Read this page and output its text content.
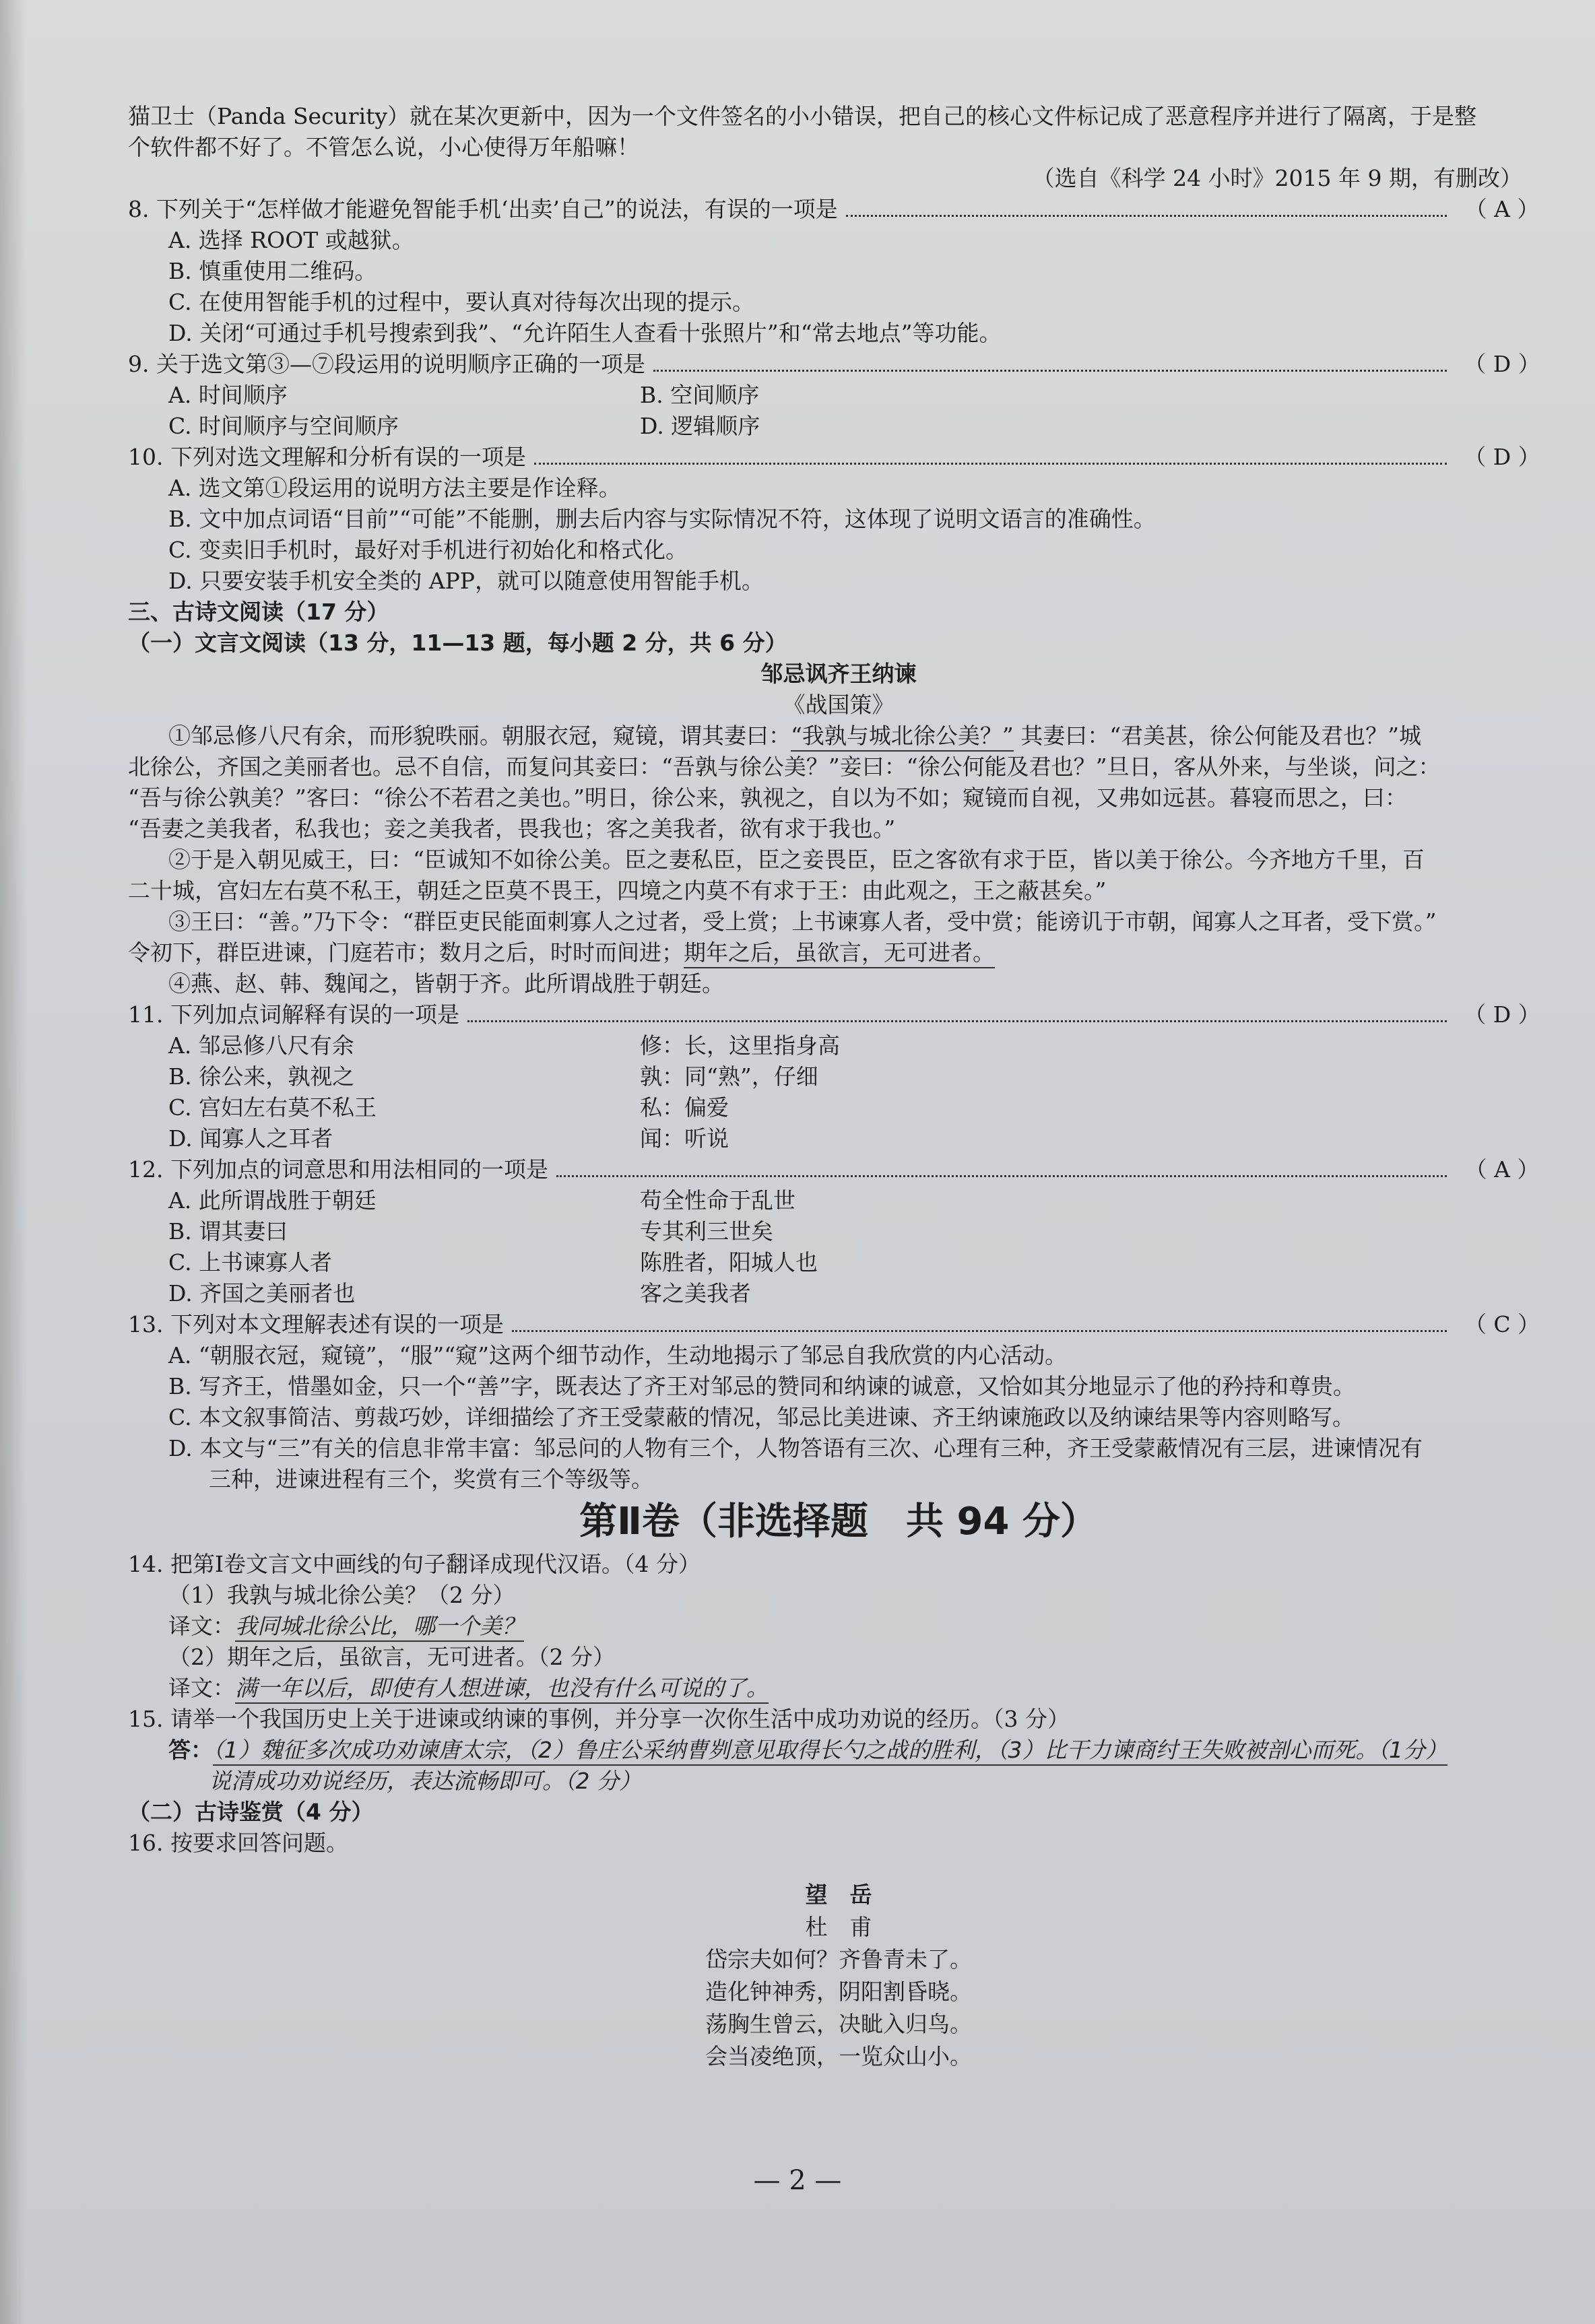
猫卫士（Panda Security）就在某次更新中，因为一个文件签名的小小错误，把自己的核心文件标记成了恶意程序并进行了隔离，于是整
个软件都不好了。不管怎么说，小心使得万年船嘛！
（选自《科学 24 小时》2015 年 9 期，有删改）
8. 下列关于“怎样做才能避免智能手机‘出卖’自己”的说法，有误的一项是	（ A ）
A. 选择 ROOT 或越狱。
B. 慎重使用二维码。
C. 在使用智能手机的过程中，要认真对待每次出现的提示。
D. 关闭“可通过手机号搜索到我”、“允许陌生人查看十张照片”和“常去地点”等功能。
9. 关于选文第③—⑦段运用的说明顺序正确的一项是	（ D ）
A. 时间顺序	B. 空间顺序
C. 时间顺序与空间顺序	D. 逻辑顺序
10. 下列对选文理解和分析有误的一项是	（ D ）
A. 选文第①段运用的说明方法主要是作诠释。
B. 文中加点词语“目前”“可能”不能删，删去后内容与实际情况不符，这体现了说明文语言的准确性。
C. 变卖旧手机时，最好对手机进行初始化和格式化。
D. 只要安装手机安全类的 APP，就可以随意使用智能手机。
三、古诗文阅读（17 分）
（一）文言文阅读（13 分，11—13 题，每小题 2 分，共 6 分）
邹忌讽齐王纳谏
《战国策》
①邹忌修八尺有余，而形貌昳丽。朝服衣冠，窥镜，谓其妻曰：“我孰与城北徐公美？” 其妻曰：“君美甚，徐公何能及君也？”城
北徐公，齐国之美丽者也。忌不自信，而复问其妾曰：“吾孰与徐公美？”妾曰：“徐公何能及君也？”旦日，客从外来，与坐谈，问之：
“吾与徐公孰美？”客曰：“徐公不若君之美也。”明日，徐公来，孰视之，自以为不如；窥镜而自视，又弗如远甚。暮寝而思之，曰：
“吾妻之美我者，私我也；妾之美我者，畏我也；客之美我者，欲有求于我也。”
②于是入朝见威王，曰：“臣诚知不如徐公美。臣之妻私臣，臣之妾畏臣，臣之客欲有求于臣，皆以美于徐公。今齐地方千里，百
二十城，宫妇左右莫不私王，朝廷之臣莫不畏王，四境之内莫不有求于王：由此观之，王之蔽甚矣。”
③王曰：“善。”乃下令：“群臣吏民能面刺寡人之过者，受上赏；上书谏寡人者，受中赏；能谤讥于市朝，闻寡人之耳者，受下赏。”
令初下，群臣进谏，门庭若市；数月之后，时时而间进；期年之后，虽欲言，无可进者。
④燕、赵、韩、魏闻之，皆朝于齐。此所谓战胜于朝廷。
11. 下列加点词解释有误的一项是	（ D ）
A. 邹忌修八尺有余	修：长，这里指身高
B. 徐公来，孰视之	孰：同“熟”，仔细
C. 宫妇左右莫不私王	私：偏爱
D. 闻寡人之耳者	闻：听说
12. 下列加点的词意思和用法相同的一项是	（ A ）
A. 此所谓战胜于朝廷	苟全性命于乱世
B. 谓其妻曰	专其利三世矣
C. 上书谏寡人者	陈胜者，阳城人也
D. 齐国之美丽者也	客之美我者
13. 下列对本文理解表述有误的一项是	（ C ）
A. “朝服衣冠，窥镜”，“服”“窥”这两个细节动作，生动地揭示了邹忌自我欣赏的内心活动。
B. 写齐王，惜墨如金，只一个“善”字，既表达了齐王对邹忌的赞同和纳谏的诚意，又恰如其分地显示了他的矜持和尊贵。
C. 本文叙事简洁、剪裁巧妙，详细描绘了齐王受蒙蔽的情况，邹忌比美进谏、齐王纳谏施政以及纳谏结果等内容则略写。
D. 本文与“三”有关的信息非常丰富：邹忌问的人物有三个，人物答语有三次、心理有三种，齐王受蒙蔽情况有三层，进谏情况有
三种，进谏进程有三个，奖赏有三个等级等。
第Ⅱ卷（非选择题　共 94 分）
14. 把第Ⅰ卷文言文中画线的句子翻译成现代汉语。（4 分）
（1）我孰与城北徐公美？（2 分）
译文：我同城北徐公比，哪一个美？
（2）期年之后，虽欲言，无可进者。（2 分）
译文：满一年以后，即使有人想进谏，也没有什么可说的了。
15. 请举一个我国历史上关于进谏或纳谏的事例，并分享一次你生活中成功劝说的经历。（3 分）
答：（1）魏征多次成功劝谏唐太宗，（2）鲁庄公采纳曹刿意见取得长勺之战的胜利，（3）比干力谏商纣王失败被剖心而死。（1分）
说清成功劝说经历，表达流畅即可。（2 分）
（二）古诗鉴赏（4 分）
16. 按要求回答问题。
望　岳
杜　甫
岱宗夫如何？齐鲁青未了。
造化钟神秀，阴阳割昏晓。
荡胸生曾云，决眦入归鸟。
会当凌绝顶，一览众山小。
— 2 —
